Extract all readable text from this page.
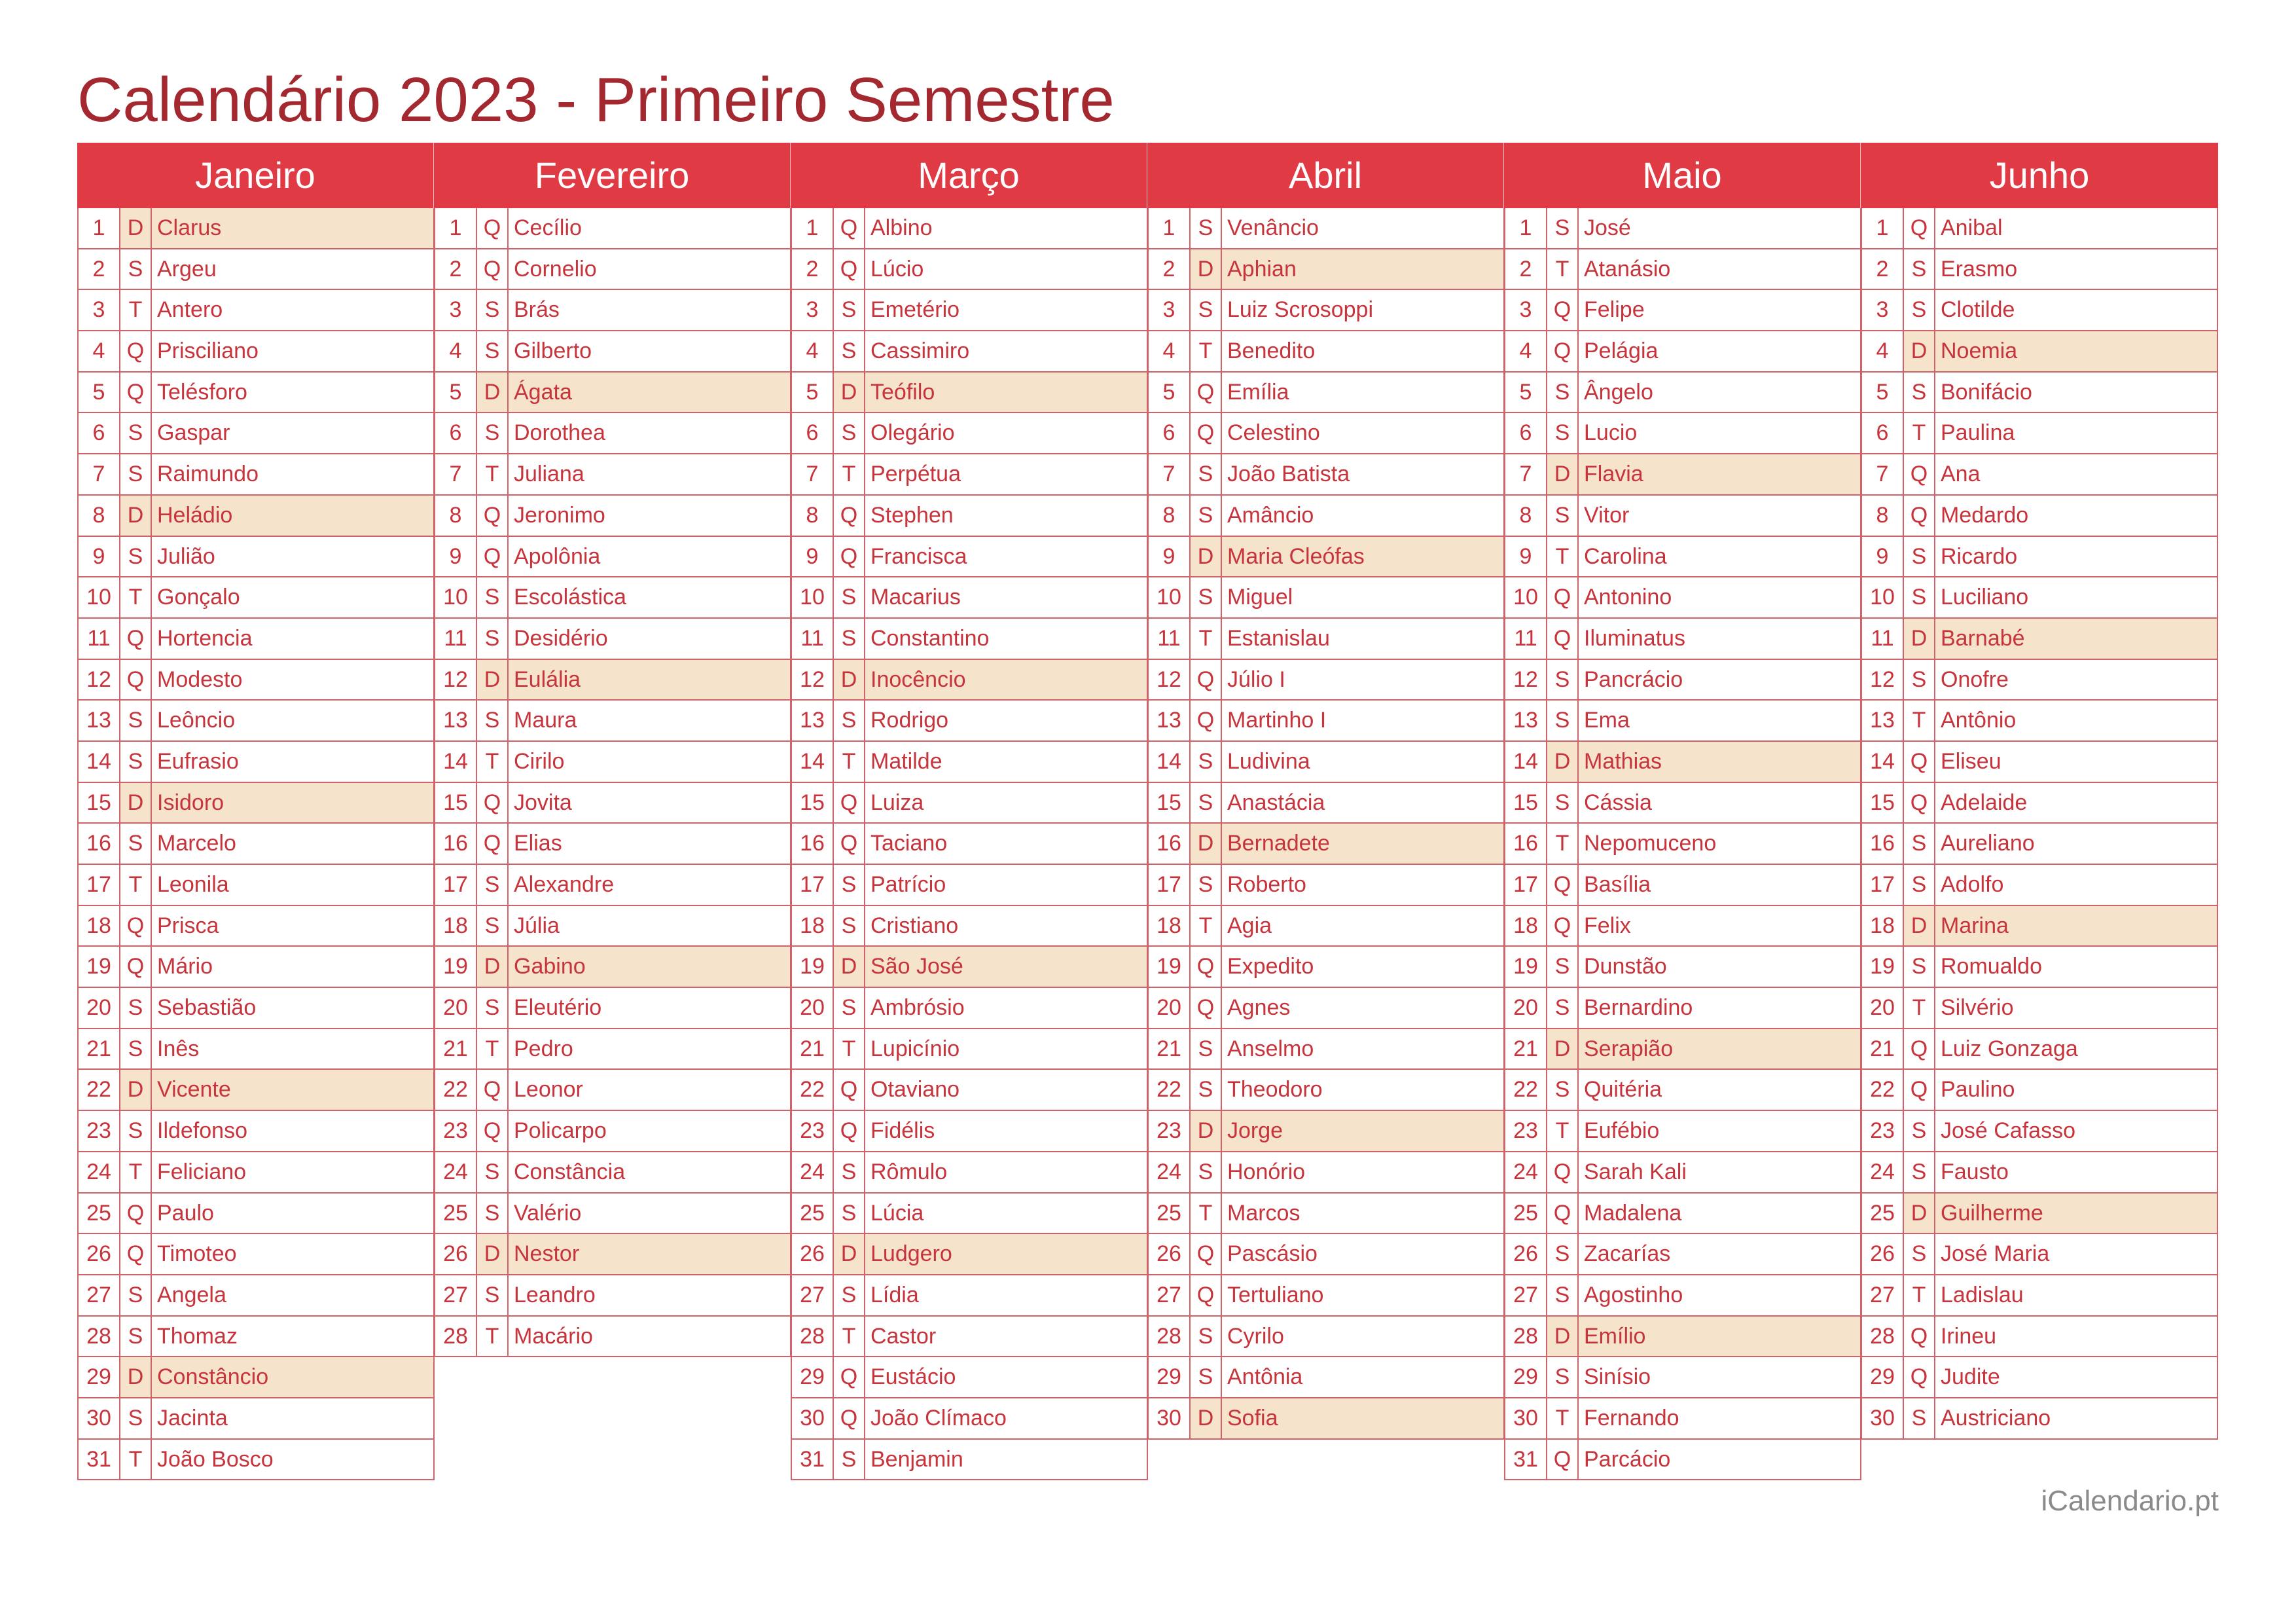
Calendário 2023 - Primeiro Semestre
Janeiro
1	D Clarus
2	S Argeu
3	T Antero
4 Q Prisciliano
5 Q Telésforo
6	S Gaspar
7	S Raimundo
8	D Heládio
9	S Julião
10 T Gonçalo
11 Q Hortencia
12 Q Modesto
13 S Leôncio
14 S Eufrasio
15 D Isidoro
16 S Marcelo
17 T Leonila
18 Q Prisca
19 Q Mário
20 S Sebastião
21 S Inês
22 D Vicente
23 S Ildefonso
24 T Feliciano
25 Q Paulo
26 Q Timoteo
27 S Angela
28 S Thomaz
29 D Constâncio
30 S Jacinta
31 T João Bosco
Fevereiro
1 Q Cecílio
2 Q Cornelio
3	S Brás
4	S Gilberto
5	D Ágata
6	S Dorothea
7	T Juliana
8 Q Jeronimo
9 Q Apolônia
10 S Escolástica
11 S Desidério
12 D Eulália
13 S Maura
14 T Cirilo
15 Q Jovita
16 Q Elias
17 S Alexandre
18 S Júlia
19 D Gabino
20 S Eleutério
21 T Pedro
22 Q Leonor
23 Q Policarpo
24 S Constância
25 S Valério
26 D Nestor
27 S Leandro
28 T Macário
Março
1 Q Albino
2 Q Lúcio
3	S Emetério
4	S Cassimiro
5	D Teófilo
6	S Olegário
7	T Perpétua
8 Q Stephen
9 Q Francisca
10 S Macarius
11 S Constantino
12 D Inocêncio
13 S Rodrigo
14 T Matilde
15 Q Luiza
16 Q Taciano
17 S Patrício
18 S Cristiano
19 D São José
20 S Ambrósio
21 T Lupicínio
22 Q Otaviano
23 Q Fidélis
24 S Rômulo
25 S Lúcia
26 D Ludgero
27 S Lídia
28 T Castor
29 Q Eustácio
30 Q João Clímaco
31 S Benjamin
Abril
1	S Venâncio
2	D Aphian
3	S Luiz Scrosoppi
4	T Benedito
5 Q Emília
6 Q Celestino
7	S João Batista
8	S Amâncio
9	D Maria Cleófas
10 S Miguel
11 T Estanislau
12 Q Júlio I
13 Q Martinho I
14 S Ludivina
15 S Anastácia
16 D Bernadete
17 S Roberto
18 T Agia
19 Q Expedito
20 Q Agnes
21 S Anselmo
22 S Theodoro
23 D Jorge
24 S Honório
25 T Marcos
26 Q Pascásio
27 Q Tertuliano
28 S Cyrilo
29 S Antônia
30 D Sofia
Maio
1	S José
2	T Atanásio
3 Q Felipe
4 Q Pelágia
5	S Ângelo
6	S Lucio
7	D Flavia
8	S Vitor
9	T Carolina
10 Q Antonino
11 Q Iluminatus
12 S Pancrácio
13 S Ema
14 D Mathias
15 S Cássia
16 T Nepomuceno
17 Q Basília
18 Q Felix
19 S Dunstão
20 S Bernardino
21 D Serapião
22 S Quitéria
23 T Eufébio
24 Q Sarah Kali
25 Q Madalena
26 S Zacarías
27 S Agostinho
28 D Emílio
29 S Sinísio
30 T Fernando
31 Q Parcácio
Junho
1 Q Anibal
2	S Erasmo
3	S Clotilde
4	D Noemia
5	S Bonifácio
6	T Paulina
7 Q Ana
8 Q Medardo
9	S Ricardo
10 S Luciliano
11 D Barnabé
12 S Onofre
13 T Antônio
14 Q Eliseu
15 Q Adelaide
16 S Aureliano
17 S Adolfo
18 D Marina
19 S Romualdo
20 T Silvério
21 Q Luiz Gonzaga
22 Q Paulino
23 S José Cafasso
24 S Fausto
25 D Guilherme
26 S José Maria
27 T Ladislau
28 Q Irineu
29 Q Judite
30 S Austriciano
iCalendario.pt
